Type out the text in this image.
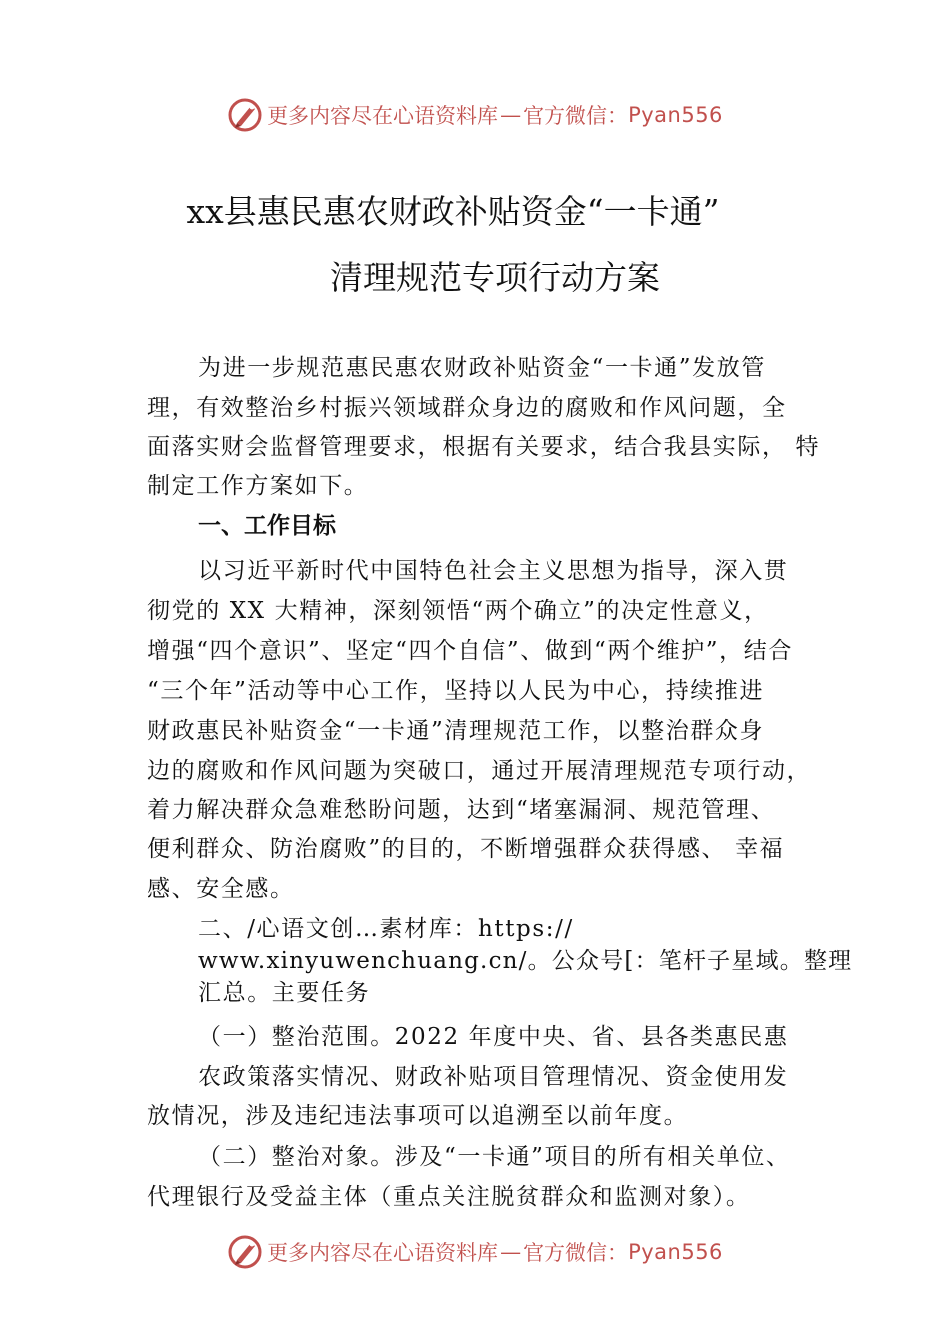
更多内容尽在心语资料库 — 官方微信： Pyan556
xx县惠民惠农财政补贴资金“一卡通”
清理规范专项行动方案
为进一步规范惠民惠农财政补贴资金“一卡通”发放管
理，有效整治乡村振兴领域群众身边的腐败和作风问题，全
面落实财会监督管理要求，根据有关要求，结合我县实际， 特
制定工作方案如下。
一、工作目标
以习近平新时代中国特色社会主义思想为指导，深入贯
彻党的 XX 大精神，深刻领悟“两个确立”的决定性意义，
增强“四个意识”、坚定“四个自信”、做到“两个维护”，结合
“三个年”活动等中心工作，坚持以人民为中心，持续推进
财政惠民补贴资金“一卡通”清理规范工作，以整治群众身
边的腐败和作风问题为突破口，通过开展清理规范专项行动，
着力解决群众急难愁盼问题，达到“堵塞漏洞、规范管理、
便利群众、防治腐败”的目的，不断增强群众获得感、 幸福
感、安全感。
二、/心语文创…素材库：https://
www.xinyuwenchuang.cn/。公众号[：笔杆子星域。整理
汇总。主要任务
（一）整治范围。2022 年度中央、省、县各类惠民惠
农政策落实情况、财政补贴项目管理情况、资金使用发
放情况，涉及违纪违法事项可以追溯至以前年度。
（二）整治对象。涉及“一卡通”项目的所有相关单位、
代理银行及受益主体（重点关注脱贫群众和监测对象）。
更多内容尽在心语资料库 — 官方微信： Pyan556
